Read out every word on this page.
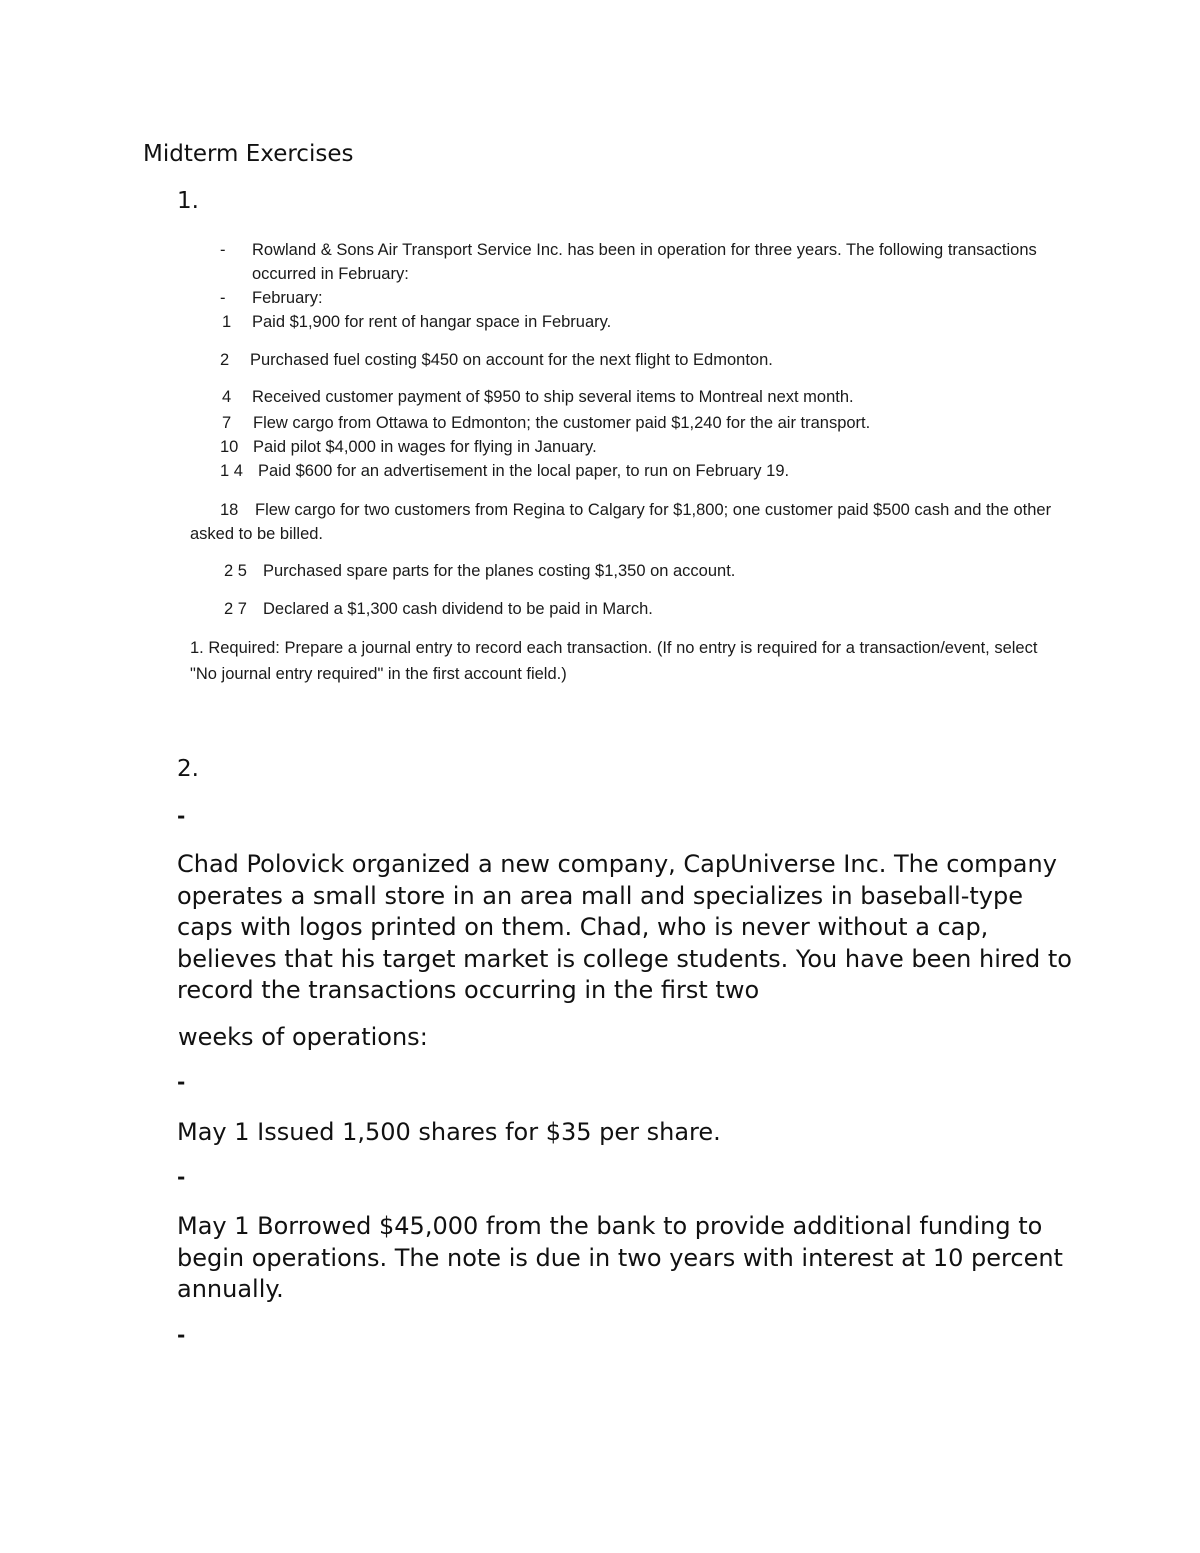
Midterm Exercises
1.
- Rowland & Sons Air Transport Service Inc. has been in operation for three years. The following transactions occurred in February:
- February:
1 Paid $1,900 for rent of hangar space in February.
2 Purchased fuel costing $450 on account for the next flight to Edmonton.
4 Received customer payment of $950 to ship several items to Montreal next month.
7 Flew cargo from Ottawa to Edmonton; the customer paid $1,240 for the air transport.
10 Paid pilot $4,000 in wages for flying in January.
1 4 Paid $600 for an advertisement in the local paper, to run on February 19.
18 Flew cargo for two customers from Regina to Calgary for $1,800; one customer paid $500 cash and the other
asked to be billed.
2 5 Purchased spare parts for the planes costing $1,350 on account.
2 7 Declared a $1,300 cash dividend to be paid in March.
1. Required: Prepare a journal entry to record each transaction. (If no entry is required for a transaction/event, select
"No journal entry required" in the first account field.)
2.
-
Chad Polovick organized a new company, CapUniverse Inc. The company
operates a small store in an area mall and specializes in baseball-type
caps with logos printed on them. Chad, who is never without a cap,
believes that his target market is college students. You have been hired to
record the transactions occurring in the first two
weeks of operations:
-
May 1 Issued 1,500 shares for $35 per share.
-
May 1 Borrowed $45,000 from the bank to provide additional funding to
begin operations. The note is due in two years with interest at 10 percent
annually.
-
